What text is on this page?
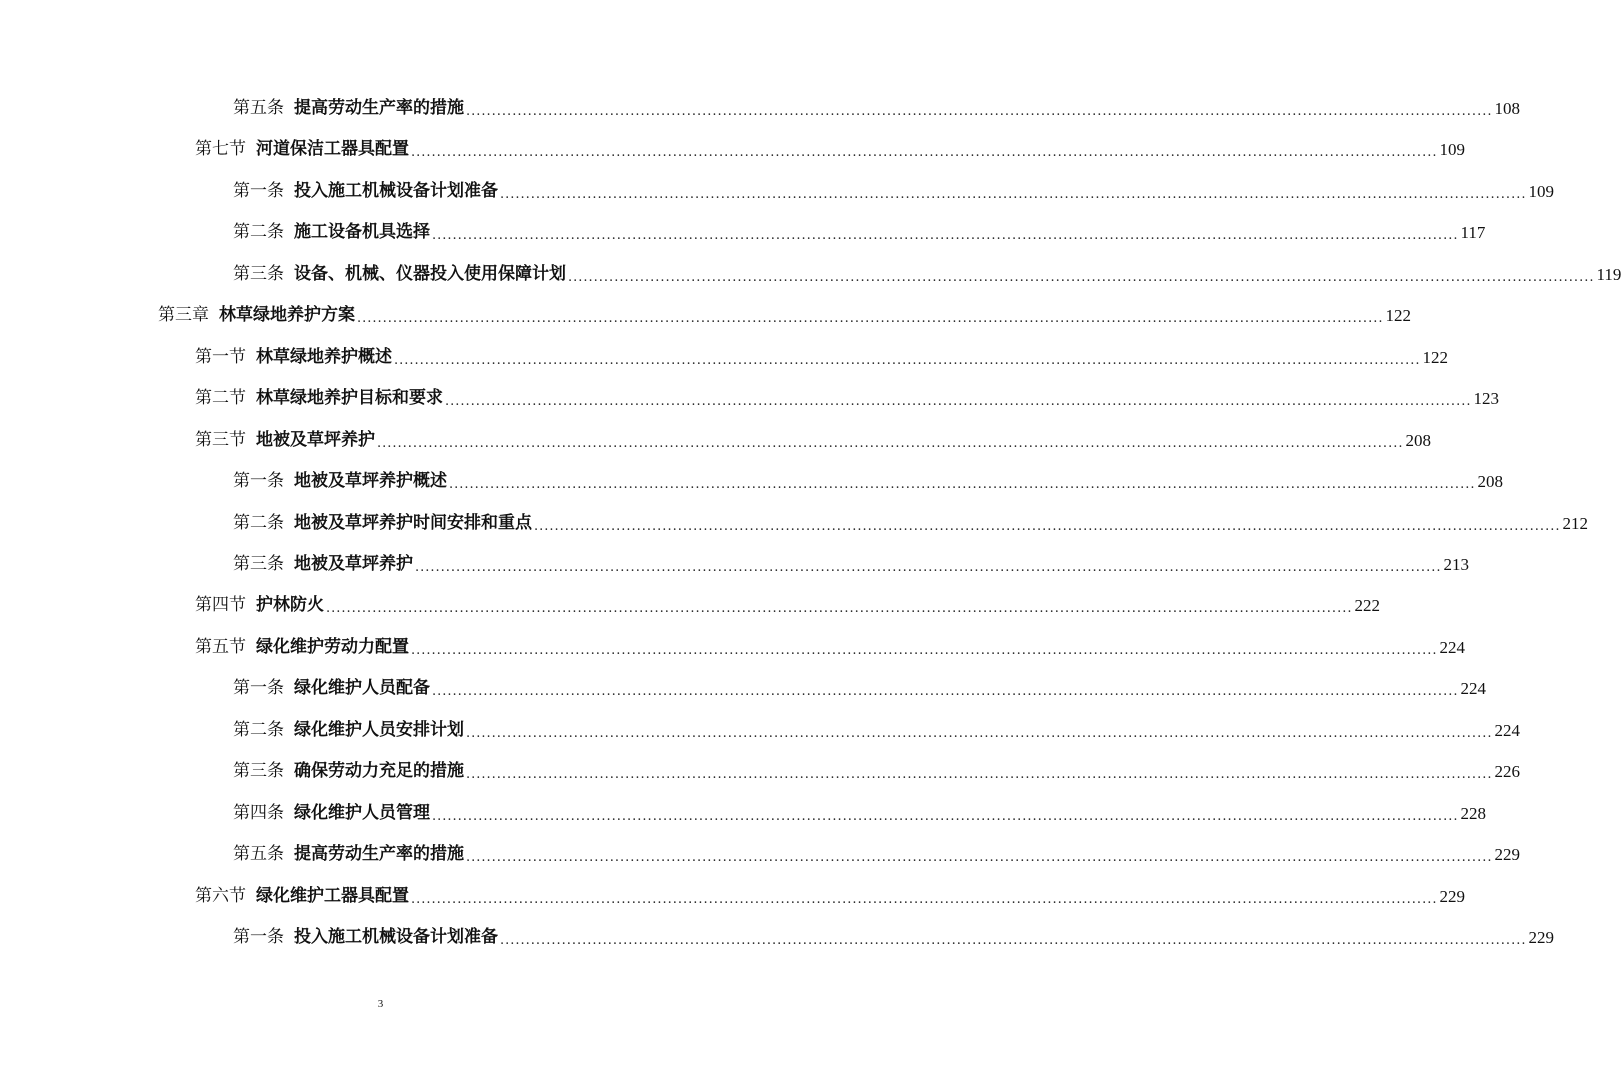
第五条 提高劳动生产率的措施 ........................................................................................................................................................................................................ 108
第七节 河道保洁工器具配置 ........................................................................................................................................................................................................ 109
第一条 投入施工机械设备计划准备 ........................................................................................................................................................................................................ 109
第二条 施工设备机具选择 ........................................................................................................................................................................................................ 117
第三条 设备、机械、仪器投入使用保障计划 ........................................................................................................................................................................................................ 119
第三章 林草绿地养护方案 ........................................................................................................................................................................................................ 122
第一节 林草绿地养护概述 ........................................................................................................................................................................................................ 122
第二节 林草绿地养护目标和要求 ........................................................................................................................................................................................................ 123
第三节 地被及草坪养护 ........................................................................................................................................................................................................ 208
第一条 地被及草坪养护概述 ........................................................................................................................................................................................................ 208
第二条 地被及草坪养护时间安排和重点 ........................................................................................................................................................................................................ 212
第三条 地被及草坪养护 ........................................................................................................................................................................................................ 213
第四节 护林防火 ........................................................................................................................................................................................................ 222
第五节 绿化维护劳动力配置 ........................................................................................................................................................................................................ 224
第一条 绿化维护人员配备 ........................................................................................................................................................................................................ 224
第二条 绿化维护人员安排计划 ........................................................................................................................................................................................................ 224
第三条 确保劳动力充足的措施 ........................................................................................................................................................................................................ 226
第四条 绿化维护人员管理 ........................................................................................................................................................................................................ 228
第五条 提高劳动生产率的措施 ........................................................................................................................................................................................................ 229
第六节 绿化维护工器具配置 ........................................................................................................................................................................................................ 229
第一条 投入施工机械设备计划准备 ........................................................................................................................................................................................................ 229
3
